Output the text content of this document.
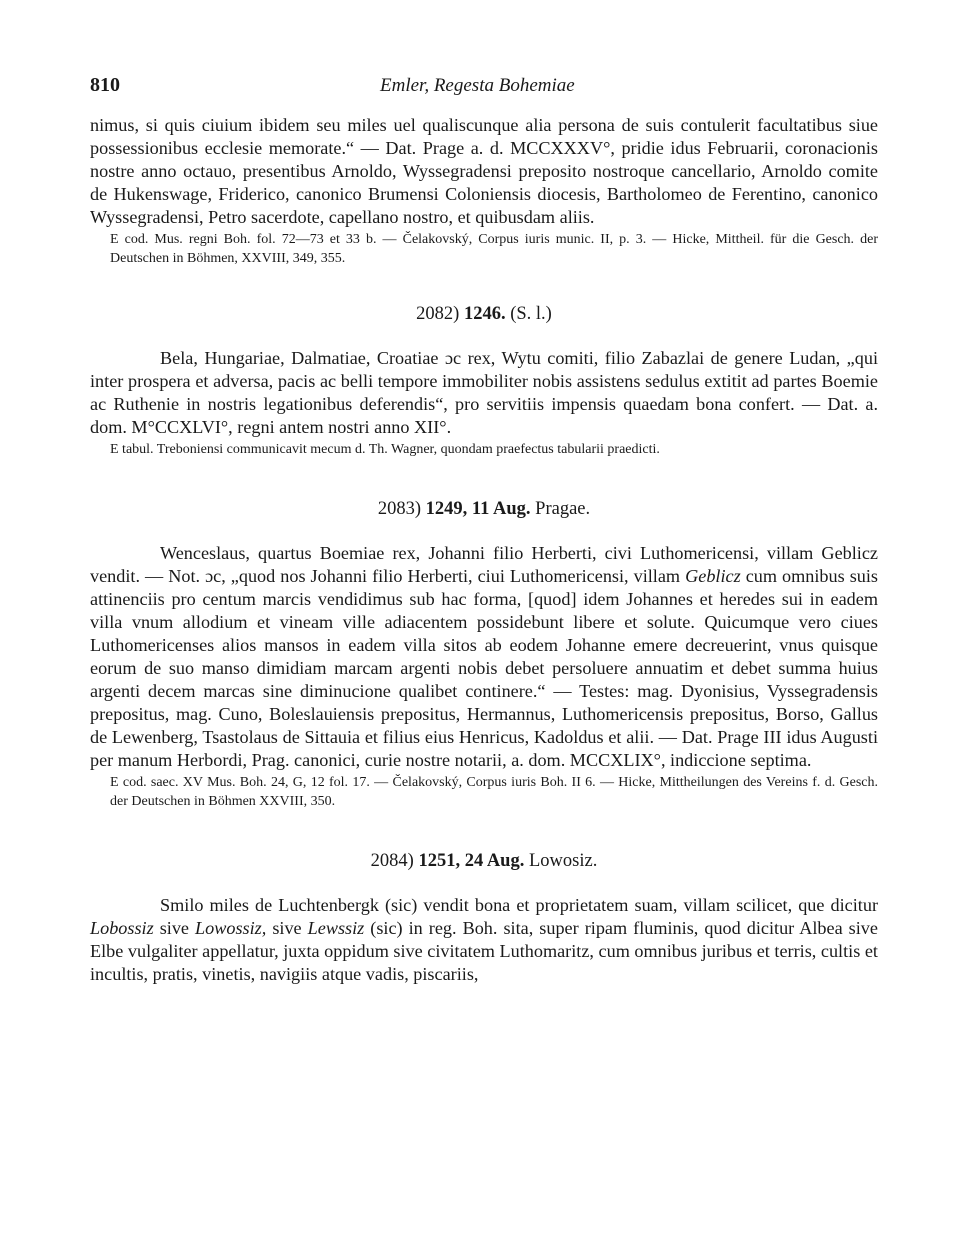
810	Emler, Regesta Bohemiae

nimus, si quis ciuium ibidem seu miles uel qualiscunque alia persona de suis contulerit facultatibus siue possessionibus ecclesie memorate.“ — Dat. Prage a. d. MCCXXXV°, pridie idus Februarii, coronacionis nostre anno octauo, presentibus Arnoldo, Wyssegradensi preposito nostroque cancellario, Arnoldo comite de Hukenswage, Friderico, canonico Brumensi Coloniensis diocesis, Bartholomeo de Ferentino, canonico Wyssegradensi, Petro sacerdote, capellano nostro, et quibusdam aliis.

E cod. Mus. regni Boh. fol. 72—73 et 33 b. — Čelakovský, Corpus iuris munic. II, p. 3. — Hicke, Mittheil. für die Gesch. der Deutschen in Böhmen, XXVIII, 349, 355.

2082) 1246. (S. l.)

Bela, Hungariae, Dalmatiae, Croatiae ɔc rex, Wytu comiti, filio Zabazlai de genere Ludan, „qui inter prospera et adversa, pacis ac belli tempore immobiliter nobis assistens sedulus extitit ad partes Boemie ac Ruthenie in nostris legationibus deferendis“, pro servitiis impensis quaedam bona confert. — Dat. a. dom. M°CCXLVI°, regni antem nostri anno XII°.

E tabul. Treboniensi communicavit mecum d. Th. Wagner, quondam praefectus tabularii praedicti.

2083) 1249, 11 Aug. Pragae.

Wenceslaus, quartus Boemiae rex, Johanni filio Herberti, civi Luthomericensi, villam Geblicz vendit. — Not. ɔc, „quod nos Johanni filio Herberti, ciui Luthomericensi, villam Geblicz cum omnibus suis attinenciis pro centum marcis vendidimus sub hac forma, [quod] idem Johannes et heredes sui in eadem villa vnum allodium et vineam ville adiacentem possidebunt libere et solute. Quicumque vero ciues Luthomericenses alios mansos in eadem villa sitos ab eodem Johanne emere decreuerint, vnus quisque eorum de suo manso dimidiam marcam argenti nobis debet persoluere annuatim et debet summa huius argenti decem marcas sine diminucione qualibet continere.“ — Testes: mag. Dyonisius, Vyssegradensis prepositus, mag. Cuno, Boleslauiensis prepositus, Hermannus, Luthomericensis prepositus, Borso, Gallus de Lewenberg, Tsastolaus de Sittauia et filius eius Henricus, Kadoldus et alii. — Dat. Prage III idus Augusti per manum Herbordi, Prag. canonici, curie nostre notarii, a. dom. MCCXLIX°, indiccione septima.

E cod. saec. XV Mus. Boh. 24, G, 12 fol. 17. — Čelakovský, Corpus iuris Boh. II 6. — Hicke, Mittheilungen des Vereins f. d. Gesch. der Deutschen in Böhmen XXVIII, 350.

2084) 1251, 24 Aug. Lowosiz.

Smilo miles de Luchtenbergk (sic) vendit bona et proprietatem suam, villam scilicet, que dicitur Lobossiz sive Lowossiz, sive Lewssiz (sic) in reg. Boh. sita, super ripam fluminis, quod dicitur Albea sive Elbe vulgaliter appellatur, juxta oppidum sive civitatem Luthomaritz, cum omnibus juribus et terris, cultis et incultis, pratis, vinetis, navigiis atque vadis, piscariis,
